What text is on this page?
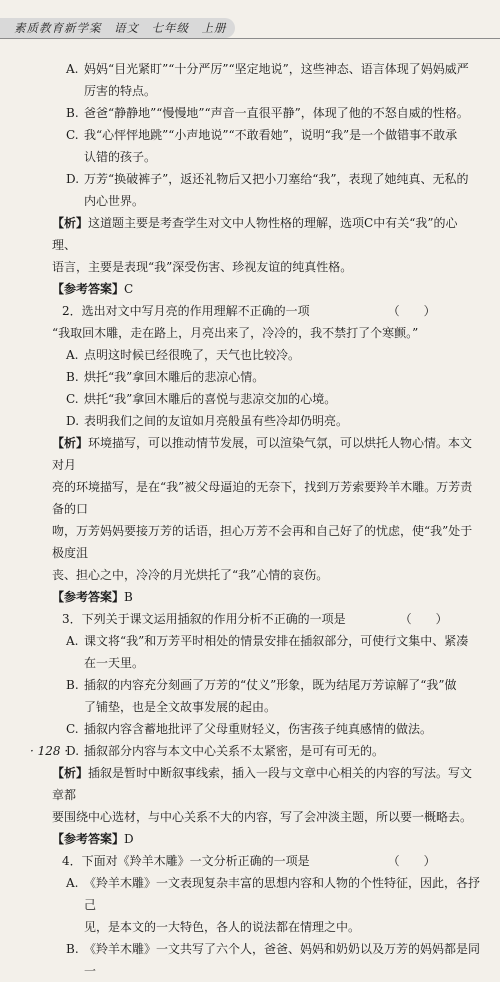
素质教育新学案　语文　七年级　上册
A. 妈妈“目光紧盯”“十分严厉”“坚定地说”，这些神态、语言体现了妈妈威严

厉害的特点。

B. 爸爸“静静地”“慢慢地”“声音一直很平静”，体现了他的不怒自威的性格。

C. 我“心怦怦地跳”“小声地说”“不敢看她”，说明“我”是一个做错事不敢承

认错的孩子。

D. 万芳“换破裤子”，返还礼物后又把小刀塞给“我”，表现了她纯真、无私的

内心世界。

【析】这道题主要是考查学生对文中人物性格的理解，选项C中有关“我”的心理、

语言，主要是表现“我”深受伤害、珍视友谊的纯真性格。

【参考答案】C

2．选出对文中写月亮的作用理解不正确的一项　　　　　　　（　　）

“我取回木雕，走在路上，月亮出来了，冷冷的，我不禁打了个寒颤。”

A. 点明这时候已经很晚了，天气也比较冷。

B. 烘托“我”拿回木雕后的悲凉心情。

C. 烘托“我”拿回木雕后的喜悦与悲凉交加的心境。

D. 表明我们之间的友谊如月亮般虽有些冷却仍明亮。

【析】环境描写，可以推动情节发展，可以渲染气氛，可以烘托人物心情。本文对月

亮的环境描写，是在“我”被父母逼迫的无奈下，找到万芳索要羚羊木雕。万芳责备的口

吻，万芳妈妈要接万芳的话语，担心万芳不会再和自己好了的忧虑，使“我”处于极度沮

丧、担心之中，冷冷的月光烘托了“我”心情的哀伤。

【参考答案】B

3．下列关于课文运用插叙的作用分析不正确的一项是　　　　　（　　）

A. 课文将“我”和万芳平时相处的情景安排在插叙部分，可使行文集中、紧凑

在一天里。

B. 插叙的内容充分刻画了万芳的“仗义”形象，既为结尾万芳谅解了“我”做

了铺垫，也是全文故事发展的起由。

C. 插叙内容含蓄地批评了父母重财轻义，伤害孩子纯真感情的做法。

D. 插叙部分内容与本文中心关系不太紧密，是可有可无的。

【析】插叙是暂时中断叙事线索，插入一段与文章中心相关的内容的写法。写文章都

要围绕中心选材，与中心关系不大的内容，写了会冲淡主题，所以要一概略去。

【参考答案】D

4．下面对《羚羊木雕》一文分析正确的一项是　　　　　　　（　　）

A. 《羚羊木雕》一文表现复杂丰富的思想内容和人物的个性特征，因此，各抒己

见，是本文的一大特色，各人的说法都在情理之中。

B. 《羚羊木雕》一文共写了六个人，爸爸、妈妈和奶奶以及万芳的妈妈都是同一

· 128 ·
